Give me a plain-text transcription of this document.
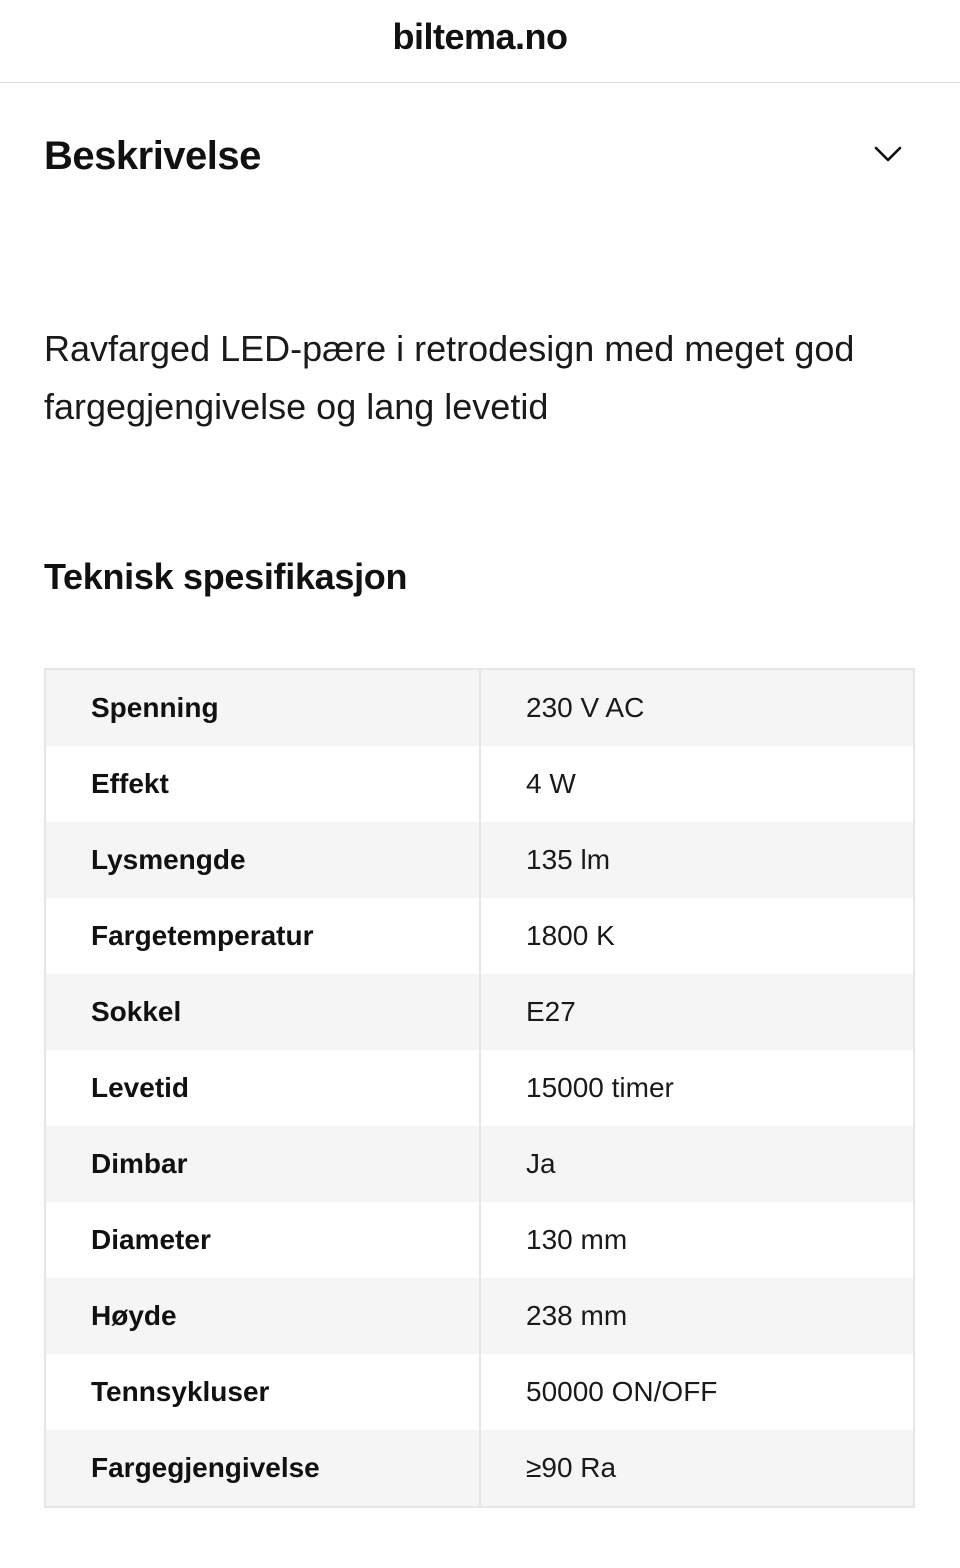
biltema.no
Beskrivelse
Ravfarged LED-pære i retrodesign med meget god fargegjengivelse og lang levetid
Teknisk spesifikasjon
Spenning	230 V AC
Effekt	4 W
Lysmengde	135 lm
Fargetemperatur	1800 K
Sokkel	E27
Levetid	15000 timer
Dimbar	Ja
Diameter	130 mm
Høyde	238 mm
Tennsykluser	50000 ON/OFF
Fargegjengivelse	≥90 Ra
